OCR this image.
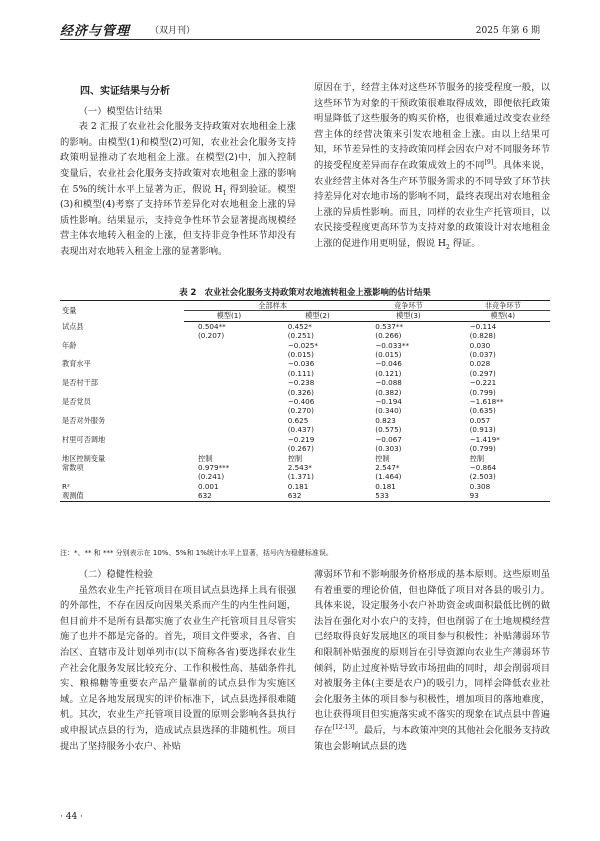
经济与管理 （双月刊）	2025 年第 6 期

四、实证结果与分析

（一）模型估计结果

表 2 汇报了农业社会化服务支持政策对农地租金上涨的影响。由模型(1)和模型(2)可知，农业社会化服务支持政策明显推动了农地租金上涨。在模型(2)中，加入控制变量后，农业社会化服务支持政策对农地租金上涨的影响在 5%的统计水平上显著为正，假说 $H_1$ 得到验证。模型(3)和模型(4)考察了支持环节差异化对农地租金上涨的异质性影响。结果显示，支持竞争性环节会显著提高规模经营主体农地转入租金的上涨，但支持非竞争性环节却没有表现出对农地转入租金上涨的显著影响。

原因在于，经营主体对这些环节服务的接受程度一般，以这些环节为对象的干预政策很难取得成效，即便依托政策明显降低了这些服务的购买价格，也很难通过改变农业经营主体的经营决策来引发农地租金上涨。由以上结果可知，环节差异性的支持政策同样会因农户对不同服务环节的接受程度差异而存在政策成效上的不同[9]。具体来说，农业经营主体对各生产环节服务需求的不同导致了环节扶持差异化对农地市场的影响不同，最终表现出对农地租金上涨的异质性影响。而且，同样的农业生产托管项目，以农民接受程度更高环节为支持对象的政策设计对农地租金上涨的促进作用更明显，假说 $H_2$ 得证。

表 2　农业社会化服务支持政策对农地流转租金上涨影响的估计结果
变量	全部样本		竞争环节	非竞争环节
	模型(1)	模型(2)	模型(3)	模型(4)
试点县	0.504**	0.452*	0.537**	−0.114
	(0.207)	(0.251)	(0.266)	(0.828)
年龄		−0.025*	−0.033**	0.030
		(0.015)	(0.015)	(0.037)
教育水平		−0.036	−0.046	0.028
		(0.111)	(0.121)	(0.297)
是否村干部		−0.238	−0.088	−0.221
		(0.326)	(0.382)	(0.799)
是否党员		−0.406	−0.194	−1.618**
		(0.270)	(0.340)	(0.635)
是否对外服务		0.625	0.823	0.057
		(0.437)	(0.575)	(0.913)
村里可否调地		−0.219	−0.067	−1.419*
		(0.267)	(0.303)	(0.799)
地区控制变量	控制	控制	控制	控制
常数项	0.979***	2.543*	2.547*	−0.864
	(0.241)	(1.371)	(1.464)	(2.503)
R²	0.001	0.181	0.181	0.308
观测值	632	632	533	93
注：*、** 和 *** 分别表示在 10%、5%和 1%统计水平上显著，括号内为稳健标准误。

（二）稳健性检验

虽然农业生产托管项目在项目试点县选择上具有很强的外部性，不存在因反向因果关系而产生的内生性问题，但目前并不是所有县都实施了农业生产托管项目且尽管实施了也并不都是完备的。首先，项目文件要求，各省、自治区、直辖市及计划单列市(以下简称各省)要选择农业生产社会化服务发展比较充分、工作积极性高、基础条件扎实、粮棉糖等重要农产品产量靠前的试点县作为实施区域。立足各地发展现实的评价标准下，试点县选择很难随机。其次，农业生产托管项目设置的原则会影响各县执行或申报试点县的行为，造成试点县选择的非随机性。项目提出了坚持服务小农户、补贴

薄弱环节和不影响服务价格形成的基本原则。这些原则虽有着重要的理论价值，但也降低了项目对各县的吸引力。具体来说，设定服务小农户补助资金或面积最低比例的做法旨在强化对小农户的支持，但也削弱了在土地规模经营已经取得良好发展地区的项目参与积极性；补贴薄弱环节和限制补贴强度的原则旨在引导资源向农业生产薄弱环节倾斜，防止过度补贴导致市场扭曲的同时，却会削弱项目对被服务主体(主要是农户)的吸引力，同样会降低农业社会化服务主体的项目参与积极性，增加项目的落地难度，也让获得项目但实施落实或不落实的现象在试点县中普遍存在[12-13]。最后，与本政策冲突的其他社会化服务支持政策也会影响试点县的选

· 44 ·
